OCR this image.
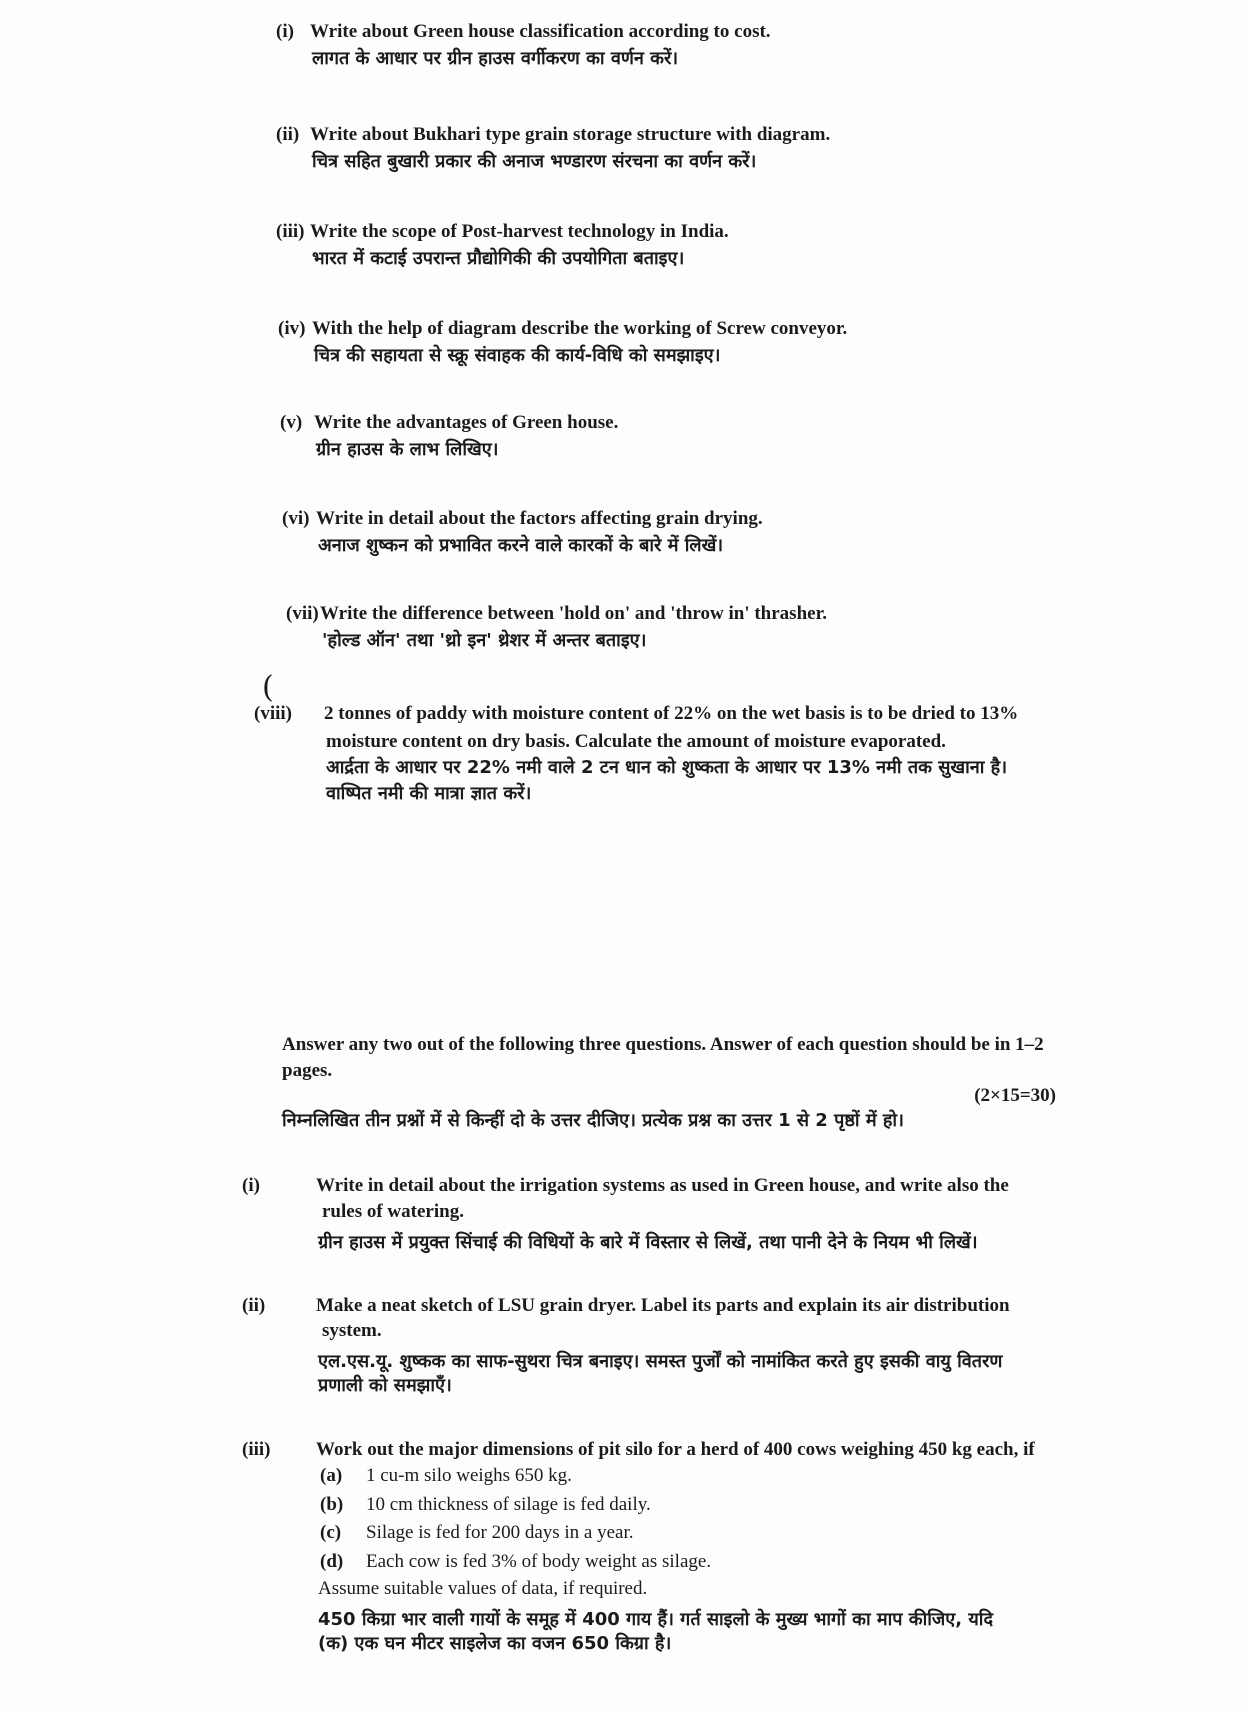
(i) Write about Green house classification according to cost.
लागत के आधार पर ग्रीन हाउस वर्गीकरण का वर्णन करें।
(ii) Write about Bukhari type grain storage structure with diagram.
चित्र सहित बुखारी प्रकार की अनाज भण्डारण संरचना का वर्णन करें।
(iii) Write the scope of Post-harvest technology in India.
भारत में कटाई उपरान्त प्रौद्योगिकी की उपयोगिता बताइए।
(iv) With the help of diagram describe the working of Screw conveyor.
चित्र की सहायता से स्क्रू संवाहक की कार्य-विधि को समझाइए।
(v) Write the advantages of Green house.
ग्रीन हाउस के लाभ लिखिए।
(vi) Write in detail about the factors affecting grain drying.
अनाज शुष्कन को प्रभावित करने वाले कारकों के बारे में लिखें।
(vii)Write the difference between 'hold on' and 'throw in' thrasher.
'होल्ड ऑन' तथा 'थ्रो इन' थ्रेशर में अन्तर बताइए।
(
(viii) 2 tonnes of paddy with moisture content of 22% on the wet basis is to be dried to 13% moisture content on dry basis. Calculate the amount of moisture evaporated.
आर्द्रता के आधार पर 22% नमी वाले 2 टन धान को शुष्कता के आधार पर 13% नमी तक सुखाना है। वाष्पित नमी की मात्रा ज्ञात करें।
Answer any two out of the following three questions. Answer of each question should be in 1–2 pages.
(2×15=30)
निम्नलिखित तीन प्रश्नों में से किन्हीं दो के उत्तर दीजिए। प्रत्येक प्रश्न का उत्तर 1 से 2 पृष्ठों में हो।
(i)	Write in detail about the irrigation systems as used in Green house, and write also the rules of watering.
ग्रीन हाउस में प्रयुक्त सिंचाई की विधियों के बारे में विस्तार से लिखें, तथा पानी देने के नियम भी लिखें।
(ii)	Make a neat sketch of LSU grain dryer. Label its parts and explain its air distribution system.
एल.एस.यू. शुष्कक का साफ-सुथरा चित्र बनाइए। समस्त पुर्जों को नामांकित करते हुए इसकी वायु वितरण प्रणाली को समझाएँ।
(iii) Work out the major dimensions of pit silo for a herd of 400 cows weighing 450 kg each, if
(a) 1 cu-m silo weighs 650 kg.
(b) 10 cm thickness of silage is fed daily.
(c) Silage is fed for 200 days in a year.
(d) Each cow is fed 3% of body weight as silage.
Assume suitable values of data, if required.
450 किग्रा भार वाली गायों के समूह में 400 गाय हैं। गर्त साइलो के मुख्य भागों का माप कीजिए, यदि
(क) एक घन मीटर साइलेज का वजन 650 किग्रा है।
